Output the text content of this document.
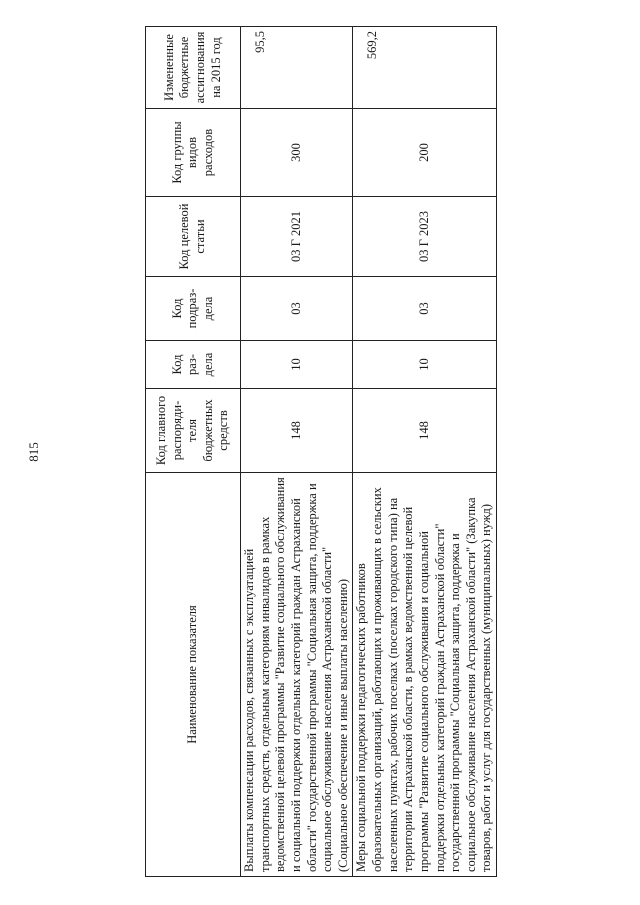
815
Наименование показателя	Код главного распоряди-теля бюджетных средств	Код раз-дела	Код подраз-дела	Код целевой статьи	Код группы видов расходов	Измененные бюджетные ассигнования на 2015 год
Выплаты компенсации расходов, связанных с эксплуатацией транспортных средств, отдельным категориям инвалидов в рамках ведомственной целевой программы "Развитие социального обслуживания и социальной поддержки отдельных категорий граждан Астраханской области" государственной программы "Социальная защита, поддержка и социальное обслуживание населения Астраханской области" (Социальное обеспечение и иные выплаты населению)	148	10	03	03 Г 2021	300	95,5
Меры социальной поддержки педагогических работников образовательных организаций, работающих и проживающих в сельских населенных пунктах, рабочих поселках (поселках городского типа) на территории Астраханской области, в рамках ведомственной целевой программы "Развитие социального обслуживания и социальной поддержки отдельных категорий граждан Астраханской области" государственной программы "Социальная защита, поддержка и социальное обслуживание населения Астраханской области" (Закупка товаров, работ и услуг для государственных (муниципальных) нужд)	148	10	03	03 Г 2023	200	569,2
